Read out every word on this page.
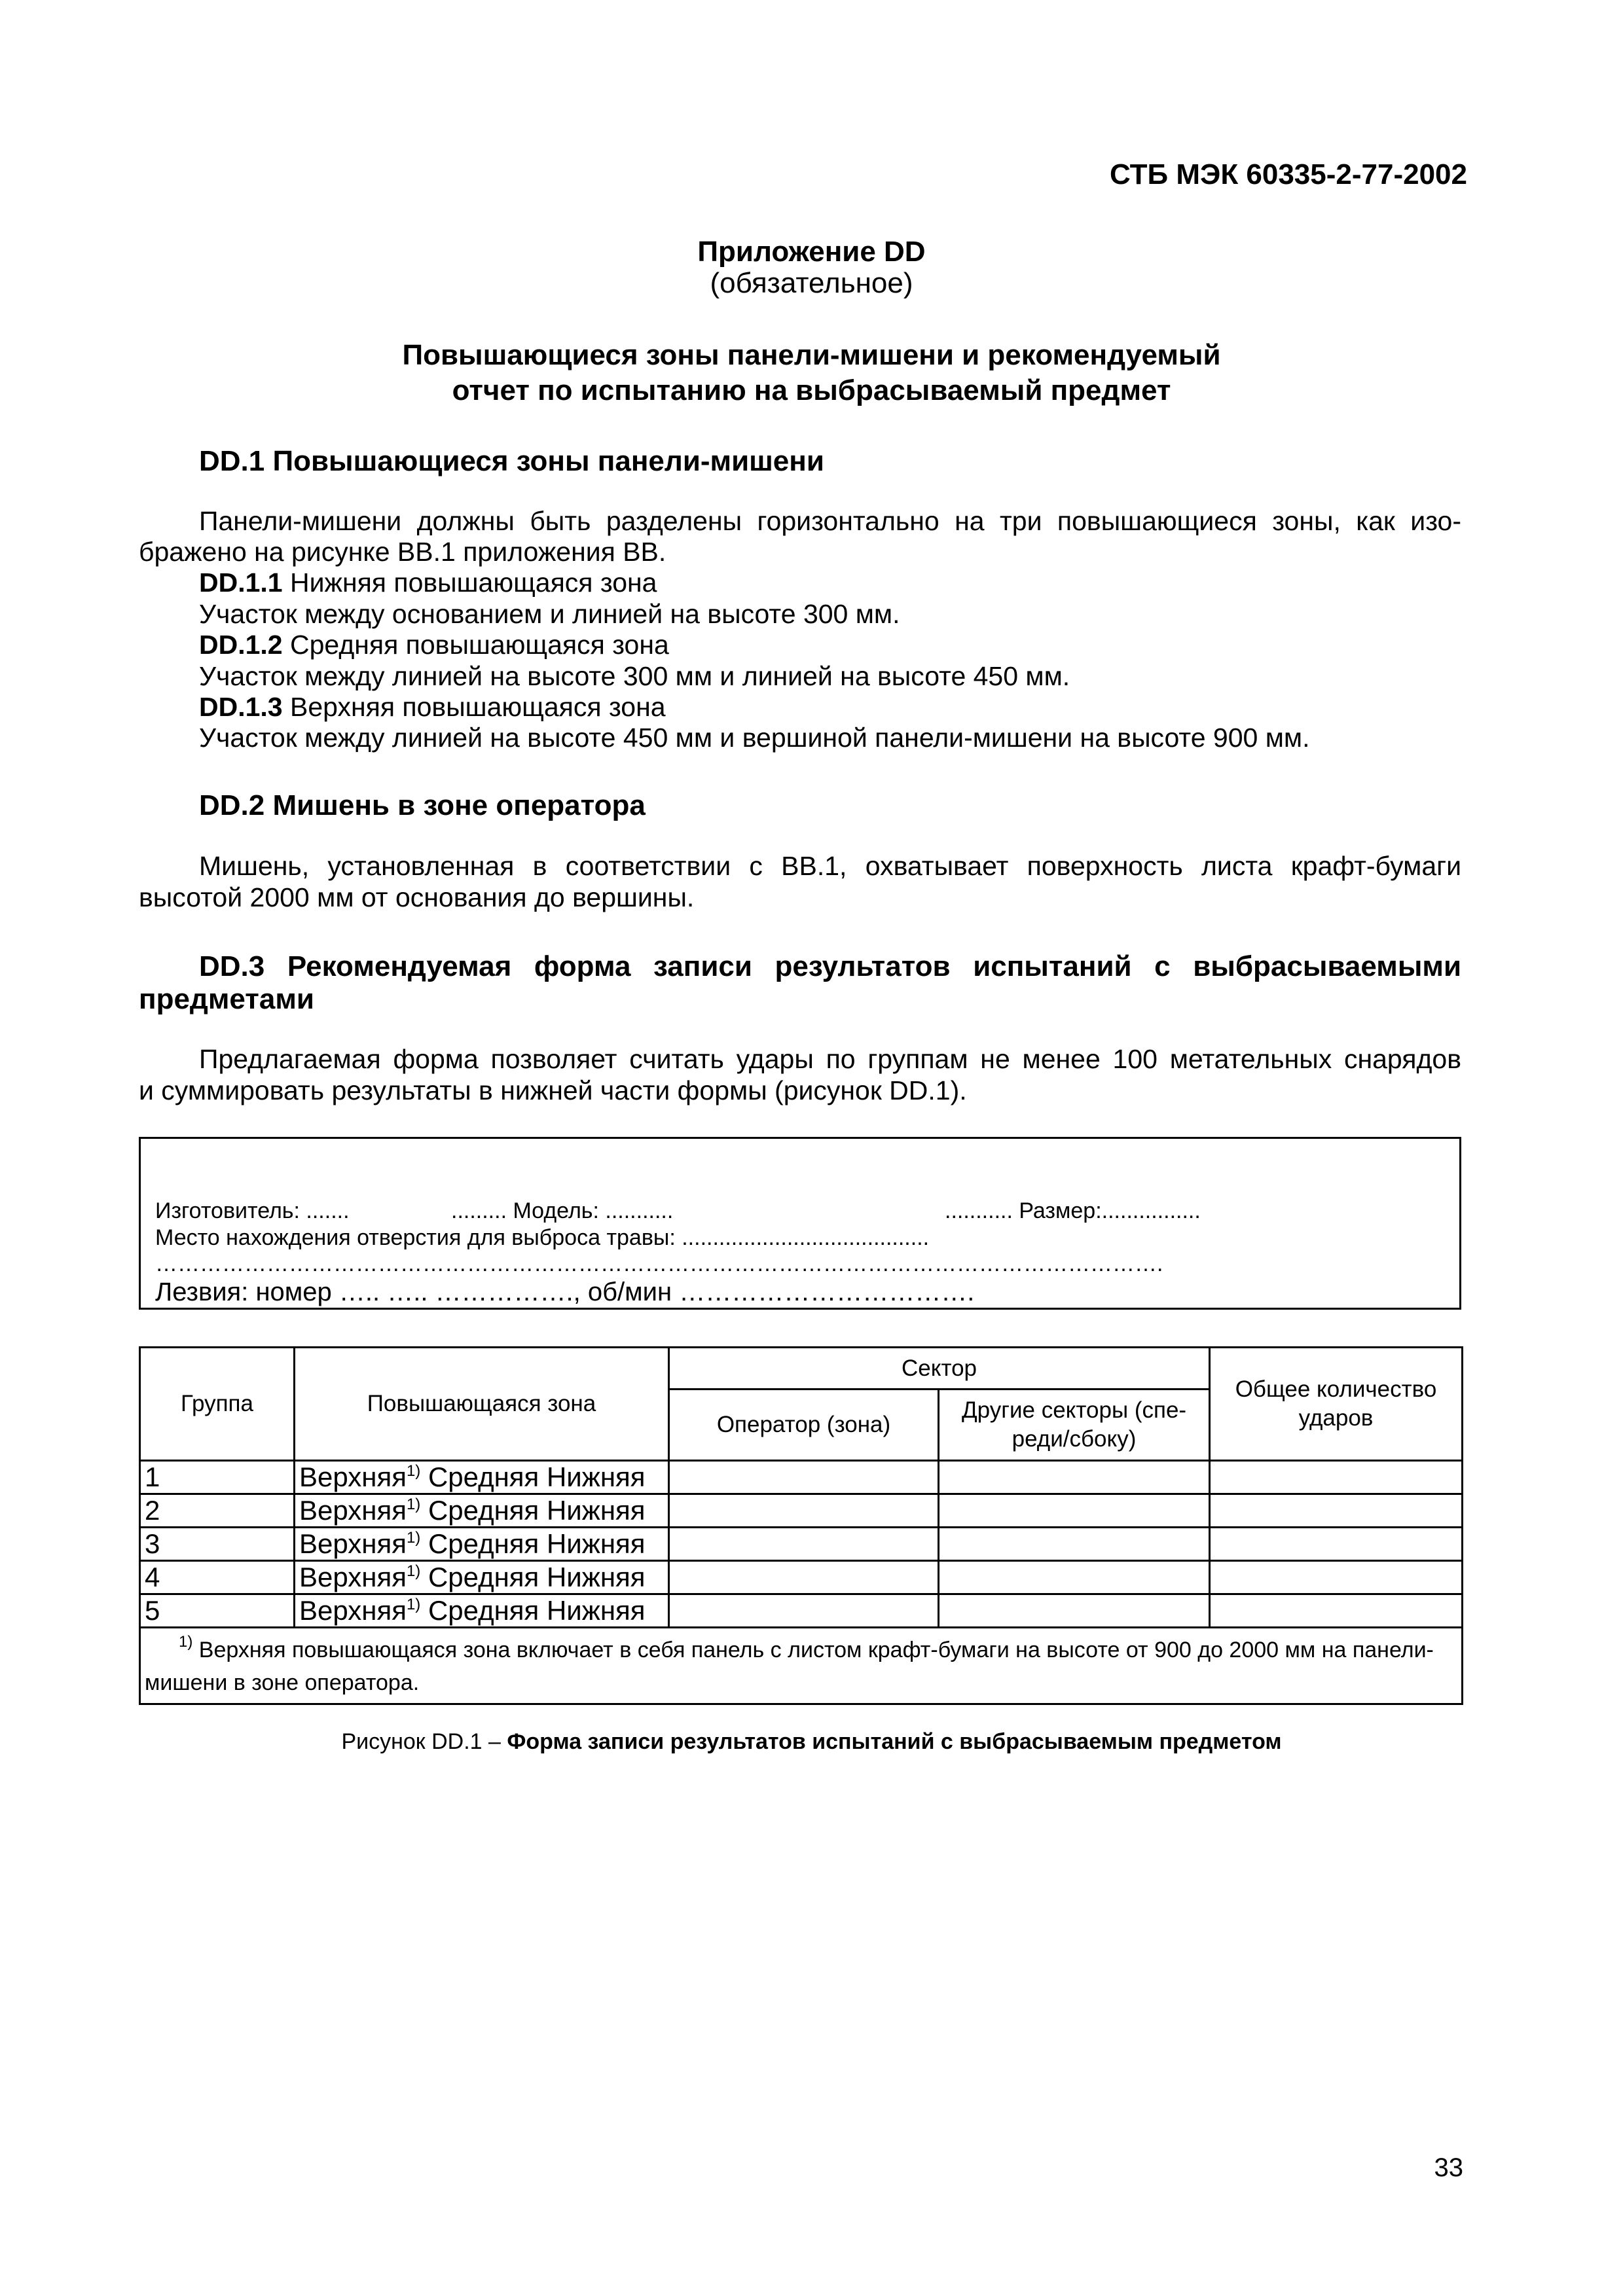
СТБ МЭК 60335-2-77-2002
Приложение DD
(обязательное)
Повышающиеся зоны панели-мишени и рекомендуемый
отчет по испытанию на выбрасываемый предмет
DD.1 Повышающиеся зоны панели-мишени
Панели-мишени должны быть разделены горизонтально на три повышающиеся зоны, как изо-
бражено на рисунке ВВ.1 приложения ВВ.
DD.1.1 Нижняя повышающаяся зона
Участок между основанием и линией на высоте 300 мм.
DD.1.2 Средняя повышающаяся зона
Участок между линией на высоте 300 мм и линией на высоте 450 мм.
DD.1.3 Верхняя повышающаяся зона
Участок между линией на высоте 450 мм и вершиной панели-мишени на высоте 900 мм.
DD.2 Мишень в зоне оператора
Мишень, установленная в соответствии с ВВ.1, охватывает поверхность листа крафт-бумаги
высотой 2000 мм от основания до вершины.
DD.3 Рекомендуемая форма записи результатов испытаний с выбрасываемыми
предметами
Предлагаемая форма позволяет считать удары по группам не менее 100 метательных снарядов
и суммировать результаты в нижней части формы (рисунок DD.1).
Изготовитель: .......	......... Модель: ...........	........... Размер:................
Место нахождения отверстия для выброса травы: ........................................
……………………………………………………………………………………………………………………….
Лезвия: номер ….. ….. ……………., об/мин …………………………….
Группа	Повышающаяся зона	Сектор		Общее количество ударов
		Оператор (зона)	Другие секторы (спе-реди/сбоку)	
1	Верхняя$^{1)}$ Средняя Нижняя			
2	Верхняя$^{1)}$ Средняя Нижняя			
3	Верхняя$^{1)}$ Средняя Нижняя			
4	Верхняя$^{1)}$ Средняя Нижняя			
5	Верхняя$^{1)}$ Средняя Нижняя			
$^{1)}$ Верхняя повышающаяся зона включает в себя панель с листом крафт-бумаги на высоте от 900 до 2000 мм на панели-мишени в зоне оператора.				
Рисунок DD.1 – Форма записи результатов испытаний с выбрасываемым предметом
33
